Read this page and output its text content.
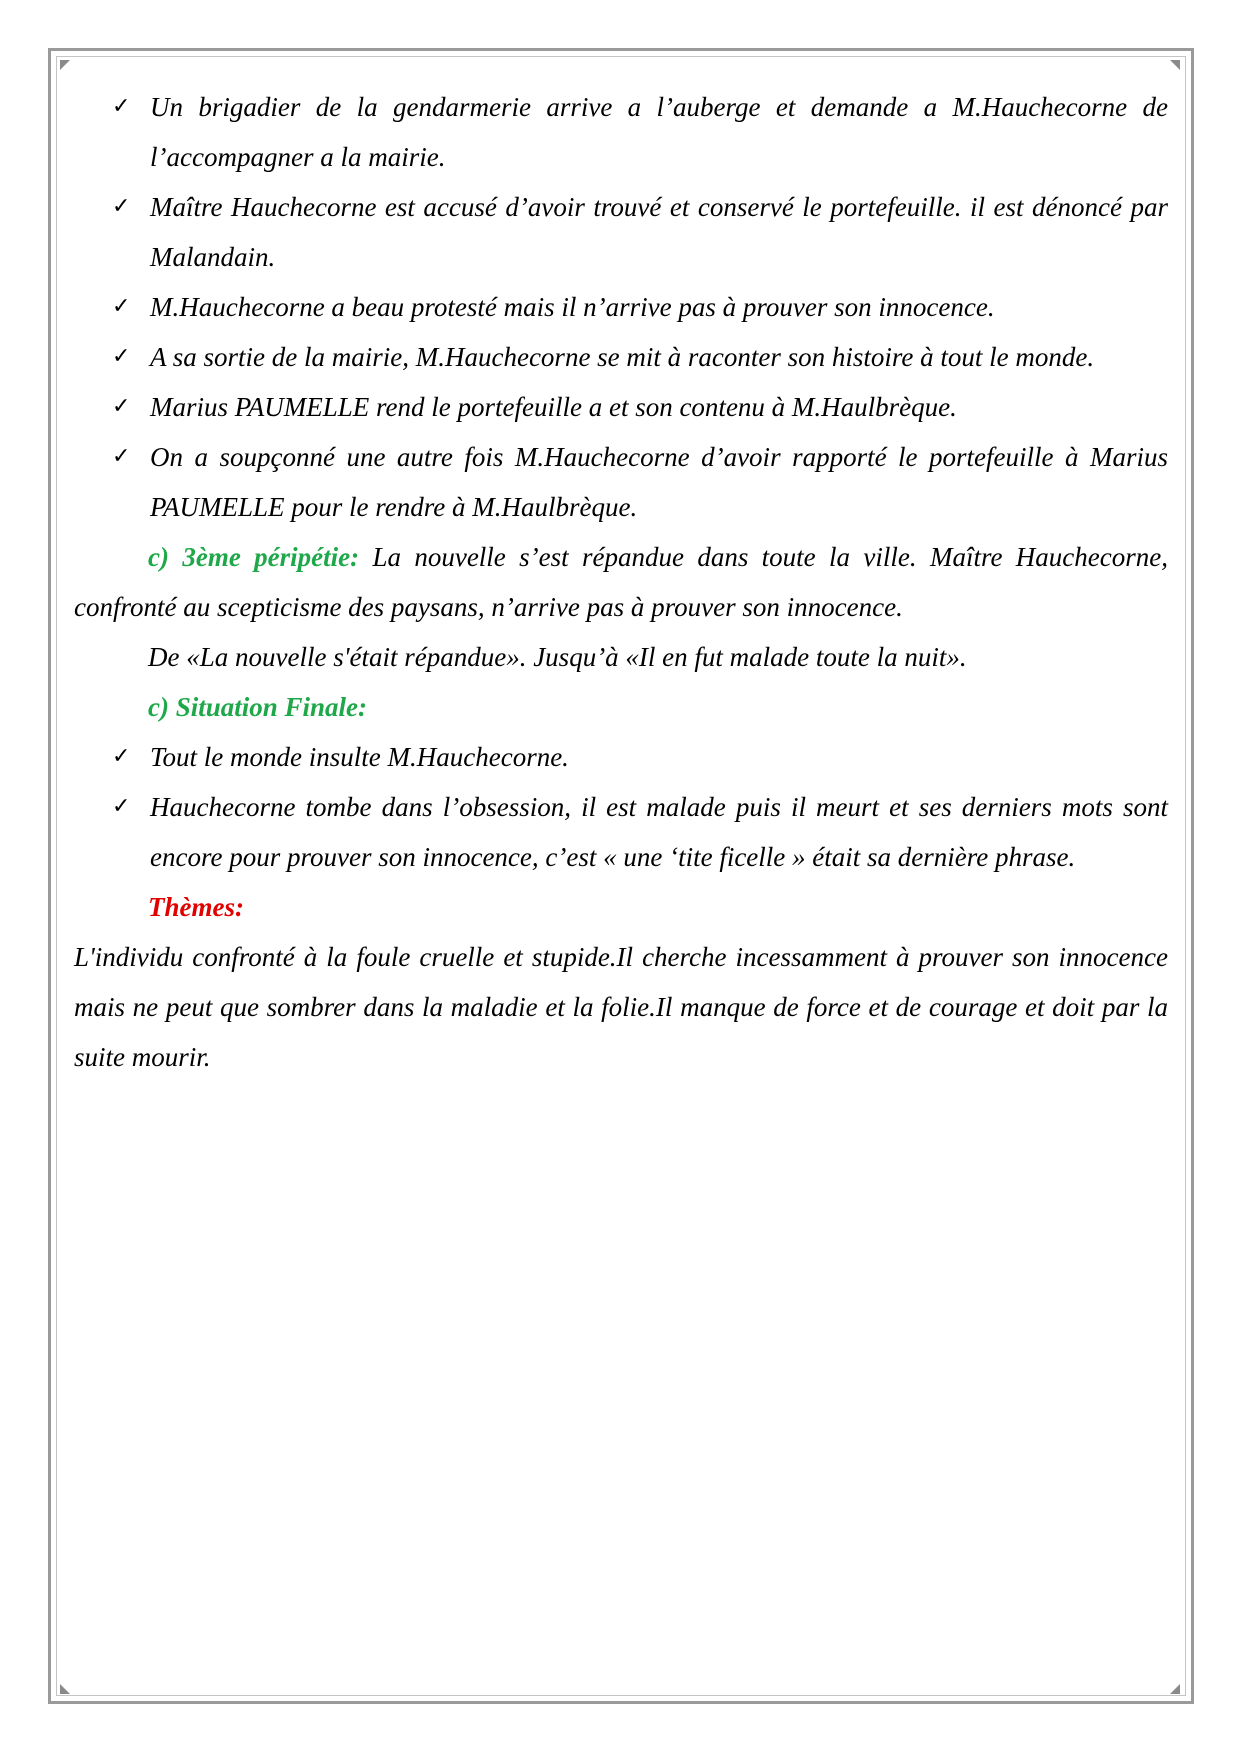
✓ Un brigadier de la gendarmerie arrive a l’auberge et demande a M.Hauchecorne de l’accompagner a la mairie.
✓ Maître Hauchecorne est accusé d’avoir trouvé et conservé le portefeuille. il est dénoncé par Malandain.
✓ M.Hauchecorne a beau protesté mais il n’arrive pas à prouver son innocence.
✓ A sa sortie de la mairie, M.Hauchecorne se mit à raconter son histoire à tout le monde.
✓ Marius PAUMELLE rend le portefeuille a et son contenu à M.Haulbrèque.
✓ On a soupçonné une autre fois M.Hauchecorne d’avoir rapporté le portefeuille à Marius PAUMELLE pour le rendre à M.Haulbrèque.
c) 3ème péripétie: La nouvelle s’est répandue dans toute la ville. Maître Hauchecorne, confronté au scepticisme des paysans, n’arrive pas à prouver son innocence.
De «La nouvelle s'était répandue». Jusqu’à «Il en fut malade toute la nuit».
c) Situation Finale:
✓ Tout le monde insulte M.Hauchecorne.
✓ Hauchecorne tombe dans l’obsession, il est malade puis il meurt et ses derniers mots sont encore pour prouver son innocence, c’est « une ‘tite ficelle » était sa dernière phrase.
Thèmes:
L'individu confronté à la foule cruelle et stupide.Il cherche incessamment à prouver son innocence mais ne peut que sombrer dans la maladie et la folie.Il manque de force et de courage et doit par la suite mourir.
